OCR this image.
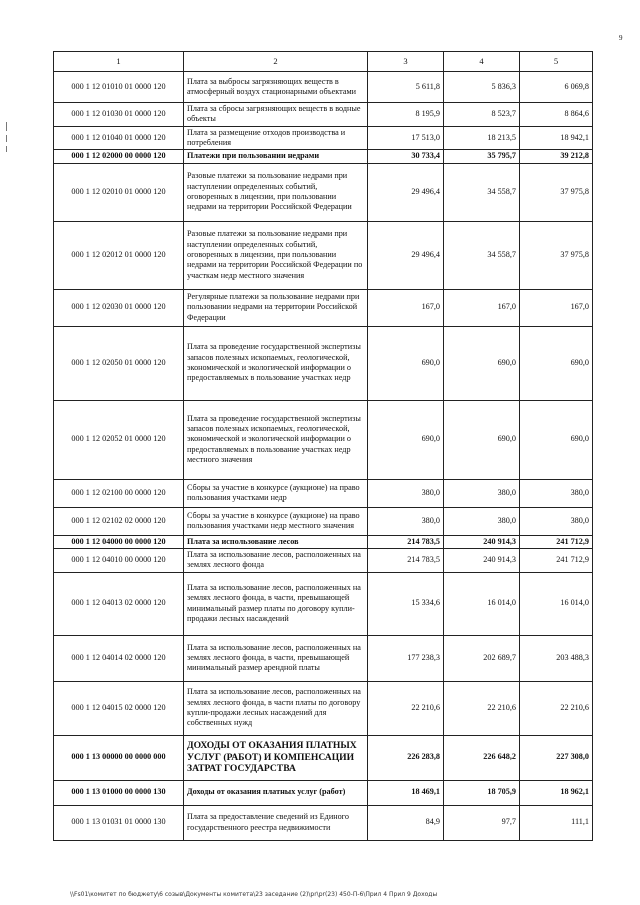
9
1	2	3	4	5
000 1 12 01010 01 0000 120	Плата за выбросы загрязняющих веществ в атмосферный воздух стационарными объектами	5 611,8	5 836,3	6 069,8
000 1 12 01030 01 0000 120	Плата за сбросы загрязняющих веществ в водные объекты	8 195,9	8 523,7	8 864,6
000 1 12 01040 01 0000 120	Плата за размещение отходов производства и потребления	17 513,0	18 213,5	18 942,1
000 1 12 02000 00 0000 120	Платежи при пользовании недрами	30 733,4	35 795,7	39 212,8
000 1 12 02010 01 0000 120	Разовые платежи за пользование недрами при наступлении определенных событий, оговоренных в лицензии, при пользовании недрами на территории Российской Федерации	29 496,4	34 558,7	37 975,8
000 1 12 02012 01 0000 120	Разовые платежи за пользование недрами при наступлении определенных событий, оговоренных в лицензии, при пользовании недрами на территории Российской Федерации по участкам недр местного значения	29 496,4	34 558,7	37 975,8
000 1 12 02030 01 0000 120	Регулярные платежи за пользование недрами при пользовании недрами на территории Российской Федерации	167,0	167,0	167,0
000 1 12 02050 01 0000 120	Плата за проведение государственной экспертизы запасов полезных ископаемых, геологической, экономической и экологической информации о предоставляемых в пользование участках недр	690,0	690,0	690,0
000 1 12 02052 01 0000 120	Плата за проведение государственной экспертизы запасов полезных ископаемых, геологической, экономической и экологической информации о предоставляемых в пользование участках недр местного значения	690,0	690,0	690,0
000 1 12 02100 00 0000 120	Сборы за участие в конкурсе (аукционе) на право пользования участками недр	380,0	380,0	380,0
000 1 12 02102 02 0000 120	Сборы за участие в конкурсе (аукционе) на право пользования участками недр местного значения	380,0	380,0	380,0
000 1 12 04000 00 0000 120	Плата за использование лесов	214 783,5	240 914,3	241 712,9
000 1 12 04010 00 0000 120	Плата за использование лесов, расположенных на землях лесного фонда	214 783,5	240 914,3	241 712,9
000 1 12 04013 02 0000 120	Плата за использование лесов, расположенных на землях лесного фонда, в части, превышающей минимальный размер платы по договору купли-продажи лесных насаждений	15 334,6	16 014,0	16 014,0
000 1 12 04014 02 0000 120	Плата за использование лесов, расположенных на землях лесного фонда, в части, превышающей минимальный размер арендной платы	177 238,3	202 689,7	203 488,3
000 1 12 04015 02 0000 120	Плата за использование лесов, расположенных на землях лесного фонда, в части платы по договору купли-продажи лесных насаждений для собственных нужд	22 210,6	22 210,6	22 210,6
000 1 13 00000 00 0000 000	ДОХОДЫ ОТ ОКАЗАНИЯ ПЛАТНЫХ УСЛУГ (РАБОТ) И КОМПЕНСАЦИИ ЗАТРАТ ГОСУДАРСТВА	226 283,8	226 648,2	227 308,0
000 1 13 01000 00 0000 130	Доходы от оказания платных услуг (работ)	18 469,1	18 705,9	18 962,1
000 1 13 01031 01 0000 130	Плата за предоставление сведений из Единого государственного реестра недвижимости	84,9	97,7	111,1
\\Fs01\комитет по бюджету\6 созыв\Документы комитета\23 заседание (2)\pr\pr(23) 450-П-6\Прил 4 Прил 9 Доходы
